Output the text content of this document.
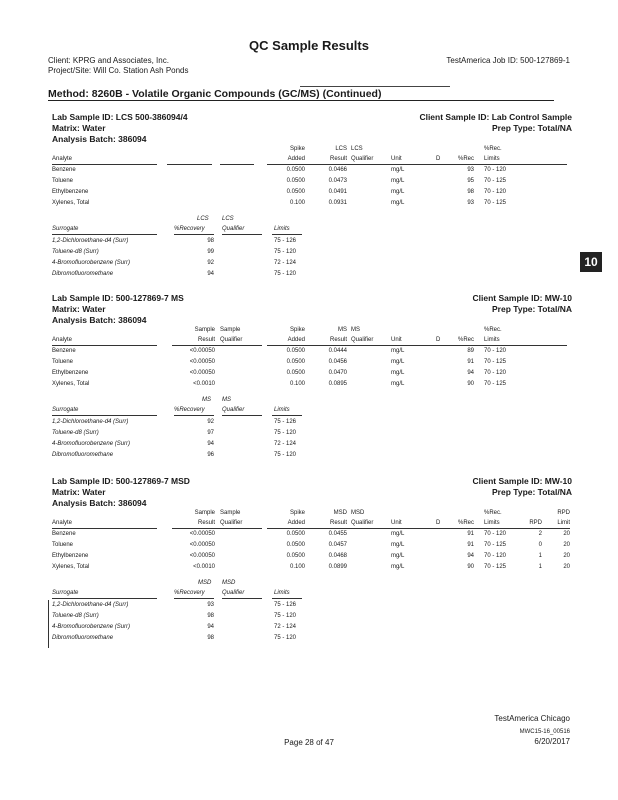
QC Sample Results
Client: KPRG and Associates, Inc.
Project/Site: Will Co. Station Ash Ponds
TestAmerica Job ID: 500-127869-1
Method: 8260B - Volatile Organic Compounds (GC/MS) (Continued)
10
Lab Sample ID: LCS 500-386094/4	Client Sample ID: Lab Control Sample
Matrix: Water	Prep Type: Total/NA
Analysis Batch: 386094
Spike	LCS LCS	%Rec.
Analyte	Added	Result Qualifier	Unit	D	%Rec Limits
Benzene	0.0500	0.0466	mg/L	93 70 - 120
Toluene	0.0500	0.0473	mg/L	95 70 - 125
Ethylbenzene	0.0500	0.0491	mg/L	98 70 - 120
Xylenes, Total	0.100	0.0931	mg/L	93 70 - 125
LCS LCS
Surrogate	%Recovery	Qualifier	Limits
1,2-Dichloroethane-d4 (Surr)	98	75 - 126
Toluene-d8 (Surr)	99	75 - 120
4-Bromofluorobenzene (Surr)	92	72 - 124
Dibromofluoromethane	94	75 - 120
Lab Sample ID: 500-127869-7 MS	Client Sample ID: MW-10
Matrix: Water	Prep Type: Total/NA
Analysis Batch: 386094
Sample Sample	Spike	MS MS	%Rec.
Analyte	Result Qualifier	Added	Result Qualifier	Unit	D	%Rec Limits
Benzene	<0.00050	0.0500	0.0444	mg/L	89 70 - 120
Toluene	<0.00050	0.0500	0.0456	mg/L	91 70 - 125
Ethylbenzene	<0.00050	0.0500	0.0470	mg/L	94 70 - 120
Xylenes, Total	<0.0010	0.100	0.0895	mg/L	90 70 - 125
MS MS
Surrogate	%Recovery	Qualifier	Limits
1,2-Dichloroethane-d4 (Surr)	92	75 - 126
Toluene-d8 (Surr)	97	75 - 120
4-Bromofluorobenzene (Surr)	94	72 - 124
Dibromofluoromethane	96	75 - 120
Lab Sample ID: 500-127869-7 MSD	Client Sample ID: MW-10
Matrix: Water	Prep Type: Total/NA
Analysis Batch: 386094
Sample Sample	Spike	MSD MSD	%Rec.	RPD
Analyte	Result Qualifier	Added	Result Qualifier	Unit	D	%Rec Limits	RPD	Limit
Benzene	<0.00050	0.0500	0.0455	mg/L	91 70 - 120	2	20
Toluene	<0.00050	0.0500	0.0457	mg/L	91 70 - 125	0	20
Ethylbenzene	<0.00050	0.0500	0.0468	mg/L	94 70 - 120	1	20
Xylenes, Total	<0.0010	0.100	0.0899	mg/L	90 70 - 125	1	20
MSD MSD
Surrogate	%Recovery	Qualifier	Limits
1,2-Dichloroethane-d4 (Surr)	93	75 - 126
Toluene-d8 (Surr)	98	75 - 120
4-Bromofluorobenzene (Surr)	94	72 - 124
Dibromofluoromethane	98	75 - 120
TestAmerica Chicago
Page 28 of 47
MWC15-16_00516
6/20/2017
